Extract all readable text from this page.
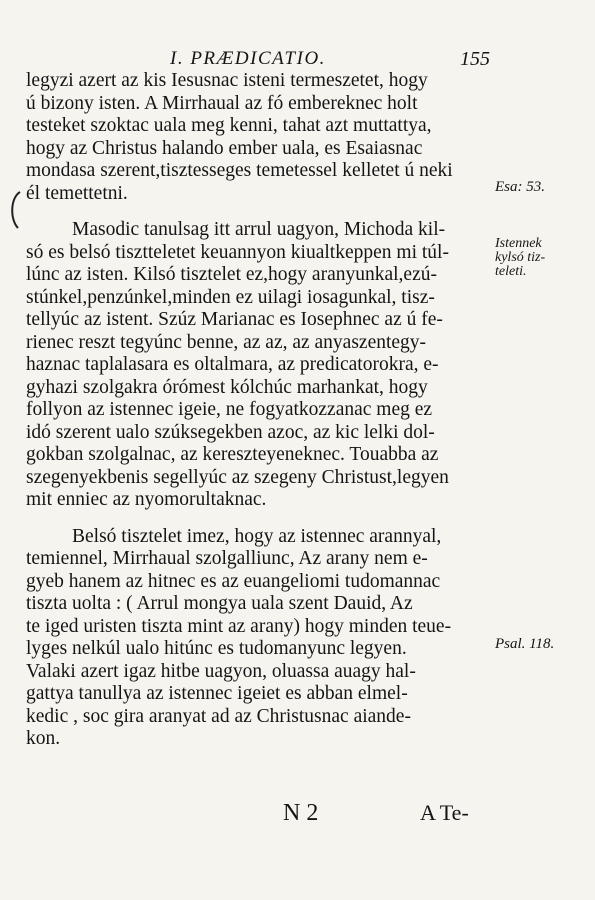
I. PRÆDICATIO.	155

legyzi azert az kis Iesusnac isteni termeszetet, hogy

ú bizony isten. A Mirrhaual az fó embereknec holt

testeket szoktac uala meg kenni, tahat azt muttattya,

hogy az Christus halando ember uala, es Esaiasnac

mondasa szerent,tisztesseges temetessel kelletet ú neki

él temettetni.

Masodic tanulsag itt arrul uagyon, Michoda kil-

só es belsó tisztteletet keuannyon kiualtkeppen mi túl-

lúnc az isten. Kilsó tisztelet ez,hogy aranyunkal,ezú-

stúnkel,penzúnkel,minden ez uilagi iosagunkal, tisz-

tellyúc az istent. Szúz Marianac es Iosephnec az ú fe-

rienec reszt tegyúnc benne, az az, az anyaszentegy-

haznac taplalasara es oltalmara, az predicatorokra, e-

gyhazi szolgakra órómest kólchúc marhankat, hogy

follyon az istennec igeie, ne fogyatkozzanac meg ez

idó szerent ualo szúksegekben azoc, az kic lelki dol-

gokban szolgalnac, az kereszteyeneknec. Touabba az

szegenyekbenis segellyúc az szegeny Christust,legyen

mit enniec az nyomorultaknac.

Belsó tisztelet imez, hogy az istennec arannyal,

temiennel, Mirrhaual szolgalliunc, Az arany nem e-

gyeb hanem az hitnec es az euangeliomi tudomannac

tiszta uolta : ( Arrul mongya uala szent Dauid, Az

te iged uristen tiszta mint az arany) hogy minden teue-

lyges nelkúl ualo hitúnc es tudomanyunc legyen.

Valaki azert igaz hitbe uagyon, oluassa auagy hal-

gattya tanullya az istennec igeiet es abban elmel-

kedic , soc gira aranyat ad az Christusnac aiande-

kon.

Esa: 53.
Istennek
kylsó tiz-
teleti.
Psal. 118.
N 2	A Te-
